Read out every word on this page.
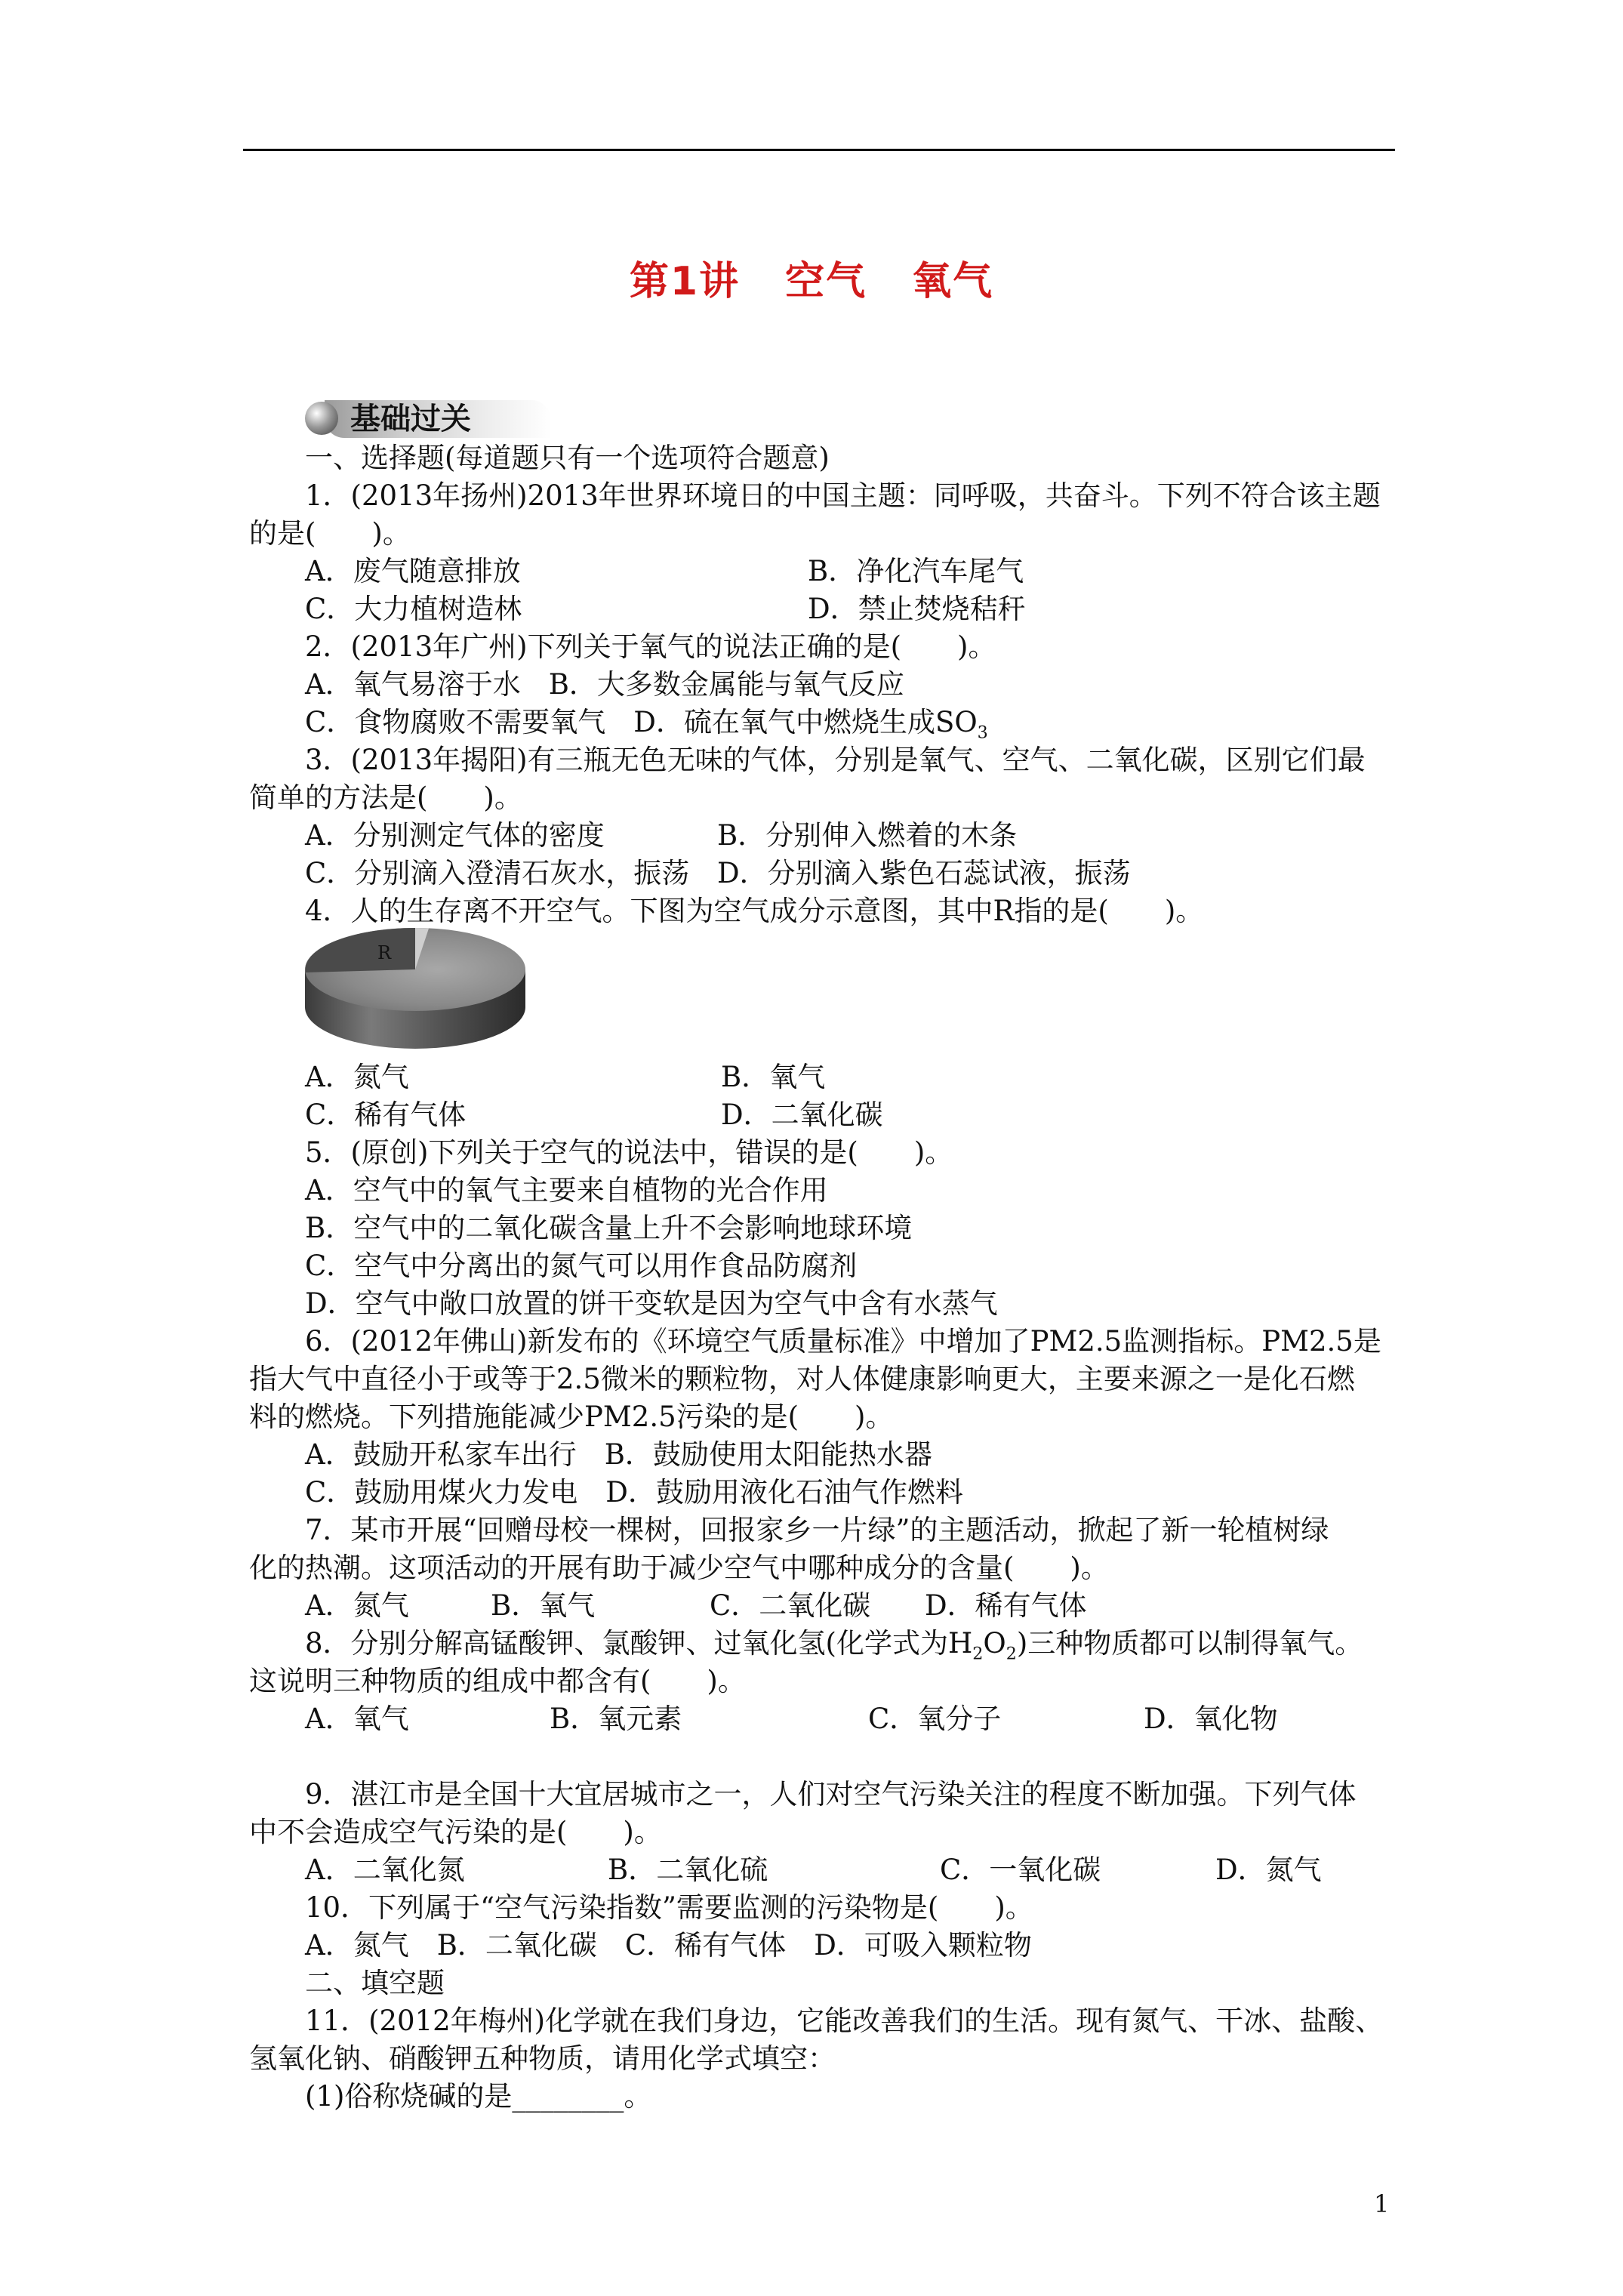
第1讲 空气 氧气
基础过关
一、选择题(每道题只有一个选项符合题意)
1．(2013年扬州)2013年世界环境日的中国主题：同呼吸，共奋斗。下列不符合该主题
的是(　　)。
A．废气随意排放	B．净化汽车尾气
C．大力植树造林	D．禁止焚烧秸秆
2．(2013年广州)下列关于氧气的说法正确的是(　　)。
A．氧气易溶于水　B．大多数金属能与氧气反应
C．食物腐败不需要氧气　D．硫在氧气中燃烧生成$SO_3$
3．(2013年揭阳)有三瓶无色无味的气体，分别是氧气、空气、二氧化碳，区别它们最
简单的方法是(　　)。
A．分别测定气体的密度	B．分别伸入燃着的木条
C．分别滴入澄清石灰水，振荡 D．分别滴入紫色石蕊试液，振荡
4．人的生存离不开空气。下图为空气成分示意图，其中R指的是(　　)。
R
A．氮气	B．氧气
C．稀有气体	D．二氧化碳
5．(原创)下列关于空气的说法中，错误的是(　　)。
A．空气中的氧气主要来自植物的光合作用
B．空气中的二氧化碳含量上升不会影响地球环境
C．空气中分离出的氮气可以用作食品防腐剂
D．空气中敞口放置的饼干变软是因为空气中含有水蒸气
6．(2012年佛山)新发布的《环境空气质量标准》中增加了PM2.5监测指标。PM2.5是
指大气中直径小于或等于2.5微米的颗粒物，对人体健康影响更大，主要来源之一是化石燃
料的燃烧。下列措施能减少PM2.5污染的是(　　)。
A．鼓励开私家车出行　B．鼓励使用太阳能热水器
C．鼓励用煤火力发电　D．鼓励用液化石油气作燃料
7．某市开展“回赠母校一棵树，回报家乡一片绿”的主题活动，掀起了新一轮植树绿
化的热潮。这项活动的开展有助于减少空气中哪种成分的含量(　　)。
A．氮气	B．氧气	C．二氧化碳 D．稀有气体
8．分别分解高锰酸钾、氯酸钾、过氧化氢(化学式为$H_2O_2$)三种物质都可以制得氧气。
这说明三种物质的组成中都含有(　　)。
A．氧气	B．氧元素	C．氧分子	D．氧化物
9．湛江市是全国十大宜居城市之一，人们对空气污染关注的程度不断加强。下列气体
中不会造成空气污染的是(　　)。
A．二氧化氮	B．二氧化硫	C．一氧化碳	D．氮气
10．下列属于“空气污染指数”需要监测的污染物是(　　)。
A．氮气　B．二氧化碳　C．稀有气体　D．可吸入颗粒物
二、填空题
11．(2012年梅州)化学就在我们身边，它能改善我们的生活。现有氮气、干冰、盐酸、
氢氧化钠、硝酸钾五种物质，请用化学式填空：
(1)俗称烧碱的是________。
1
